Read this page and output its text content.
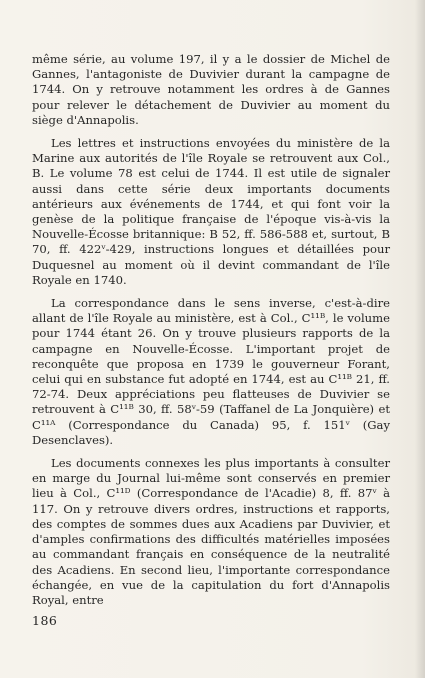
même série, au volume 197, il y a le dossier de Michel de Gannes, l'antagoniste de Duvivier durant la campagne de 1744. On y retrouve notamment les ordres à de Gannes pour relever le détachement de Duvivier au moment du siège d'Annapolis.

Les lettres et instructions envoyées du ministère de la Marine aux autorités de l'île Royale se retrouvent aux Col., B. Le volume 78 est celui de 1744. Il est utile de signaler aussi dans cette série deux importants documents antérieurs aux événements de 1744, et qui font voir la genèse de la politique française de l'époque vis-à-vis la Nouvelle-Écosse britannique: B 52, ff. 586-588 et, surtout, B 70, ff. 422ᵛ-429, instructions longues et détaillées pour Duquesnel au moment où il devint commandant de l'île Royale en 1740.

La correspondance dans le sens inverse, c'est-à-dire allant de l'île Royale au ministère, est à Col., C¹¹ᴮ, le volume pour 1744 étant 26. On y trouve plusieurs rapports de la campagne en Nouvelle-Écosse. L'important projet de reconquête que proposa en 1739 le gouverneur Forant, celui qui en substance fut adopté en 1744, est au C¹¹ᴮ 21, ff. 72-74. Deux appréciations peu flatteuses de Duvivier se retrouvent à C¹¹ᴮ 30, ff. 58ᵛ-59 (Taffanel de La Jonquière) et C¹¹ᴬ (Correspondance du Canada) 95, f. 151ᵛ (Gay Desenclaves).

Les documents connexes les plus importants à consulter en marge du Journal lui-même sont conservés en premier lieu à Col., C¹¹ᴰ (Correspondance de l'Acadie) 8, ff. 87ᵛ à 117. On y retrouve divers ordres, instructions et rapports, des comptes de sommes dues aux Acadiens par Duvivier, et d'amples confirmations des difficultés matérielles imposées au commandant français en conséquence de la neutralité des Acadiens. En second lieu, l'importante correspondance échangée, en vue de la capitulation du fort d'Annapolis Royal, entre

186
